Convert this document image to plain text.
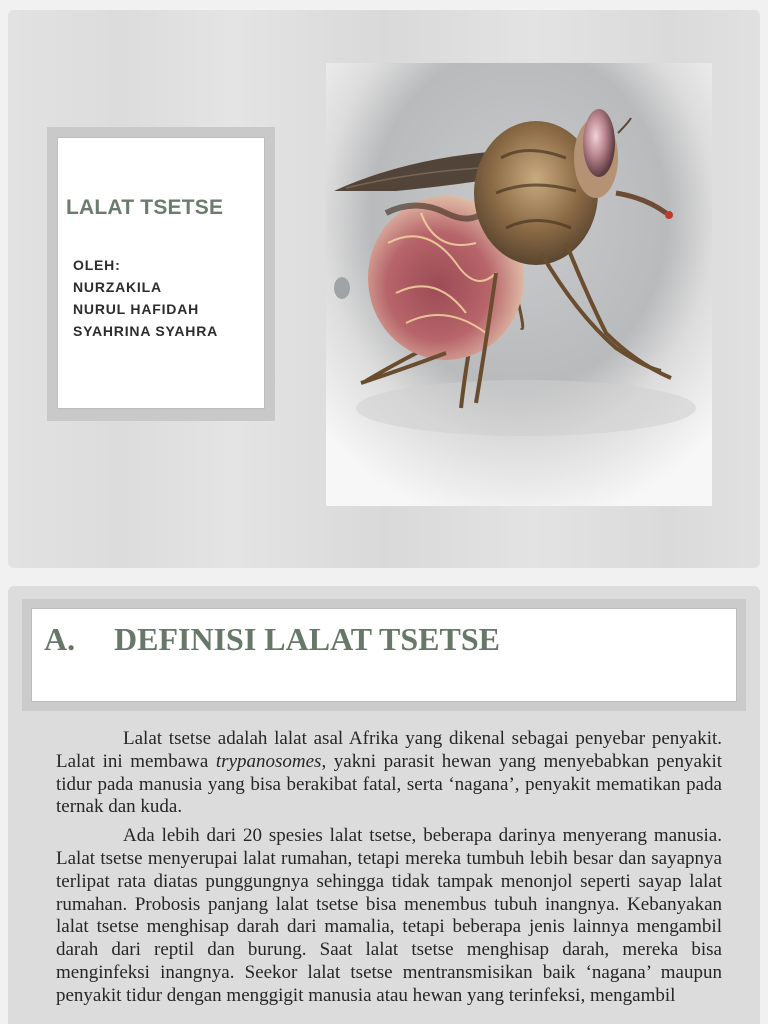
LALAT TSETSE
OLEH:
NURZAKILA
NURUL HAFIDAH
SYAHRINA SYAHRA
A. DEFINISI LALAT TSETSE

Lalat tsetse adalah lalat asal Afrika yang dikenal sebagai penyebar penyakit. Lalat ini membawa trypanosomes, yakni parasit hewan yang menyebabkan penyakit tidur pada manusia yang bisa berakibat fatal, serta ‘nagana’, penyakit mematikan pada ternak dan kuda.

Ada lebih dari 20 spesies lalat tsetse, beberapa darinya menyerang manusia. Lalat tsetse menyerupai lalat rumahan, tetapi mereka tumbuh lebih besar dan sayapnya terlipat rata diatas punggungnya sehingga tidak tampak menonjol seperti sayap lalat rumahan. Probosis panjang lalat tsetse bisa menembus tubuh inangnya. Kebanyakan lalat tsetse menghisap darah dari mamalia, tetapi beberapa jenis lainnya mengambil darah dari reptil dan burung. Saat lalat tsetse menghisap darah, mereka bisa menginfeksi inangnya. Seekor lalat tsetse mentransmisikan baik ‘nagana’ maupun penyakit tidur dengan menggigit manusia atau hewan yang terinfeksi, mengambil
